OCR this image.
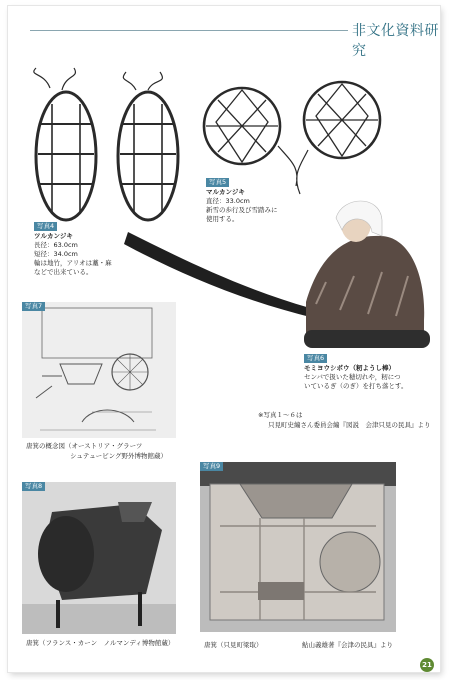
非文化資料研究
写真4
ツルカンジキ
長径：63.0cm
短径：34.0cm
輪は地竹，アリオは藁・麻
などで出来ている。
写真5
マルカンジキ
直径：33.0cm
新雪の歩行及び雪踏みに
使用する。
写真6
モミヨウシボウ（籾ようし棒）
センバで扱いた穂切れや，籾につ
いているぎ（のぎ）を打ち落とす。
写真7
唐箕の概念図（オーストリア・グラーツ
シュテューピング野外博物館蔵）
写真8
唐箕（フランス・カーン　ノルマンディ博物館蔵）
写真9
唐箕（只見町梁取）	鮎山義雄著『会津の民具』より
※写真１〜６は
只見町史編さん委員会編『図説　会津只見の民具』より
21
